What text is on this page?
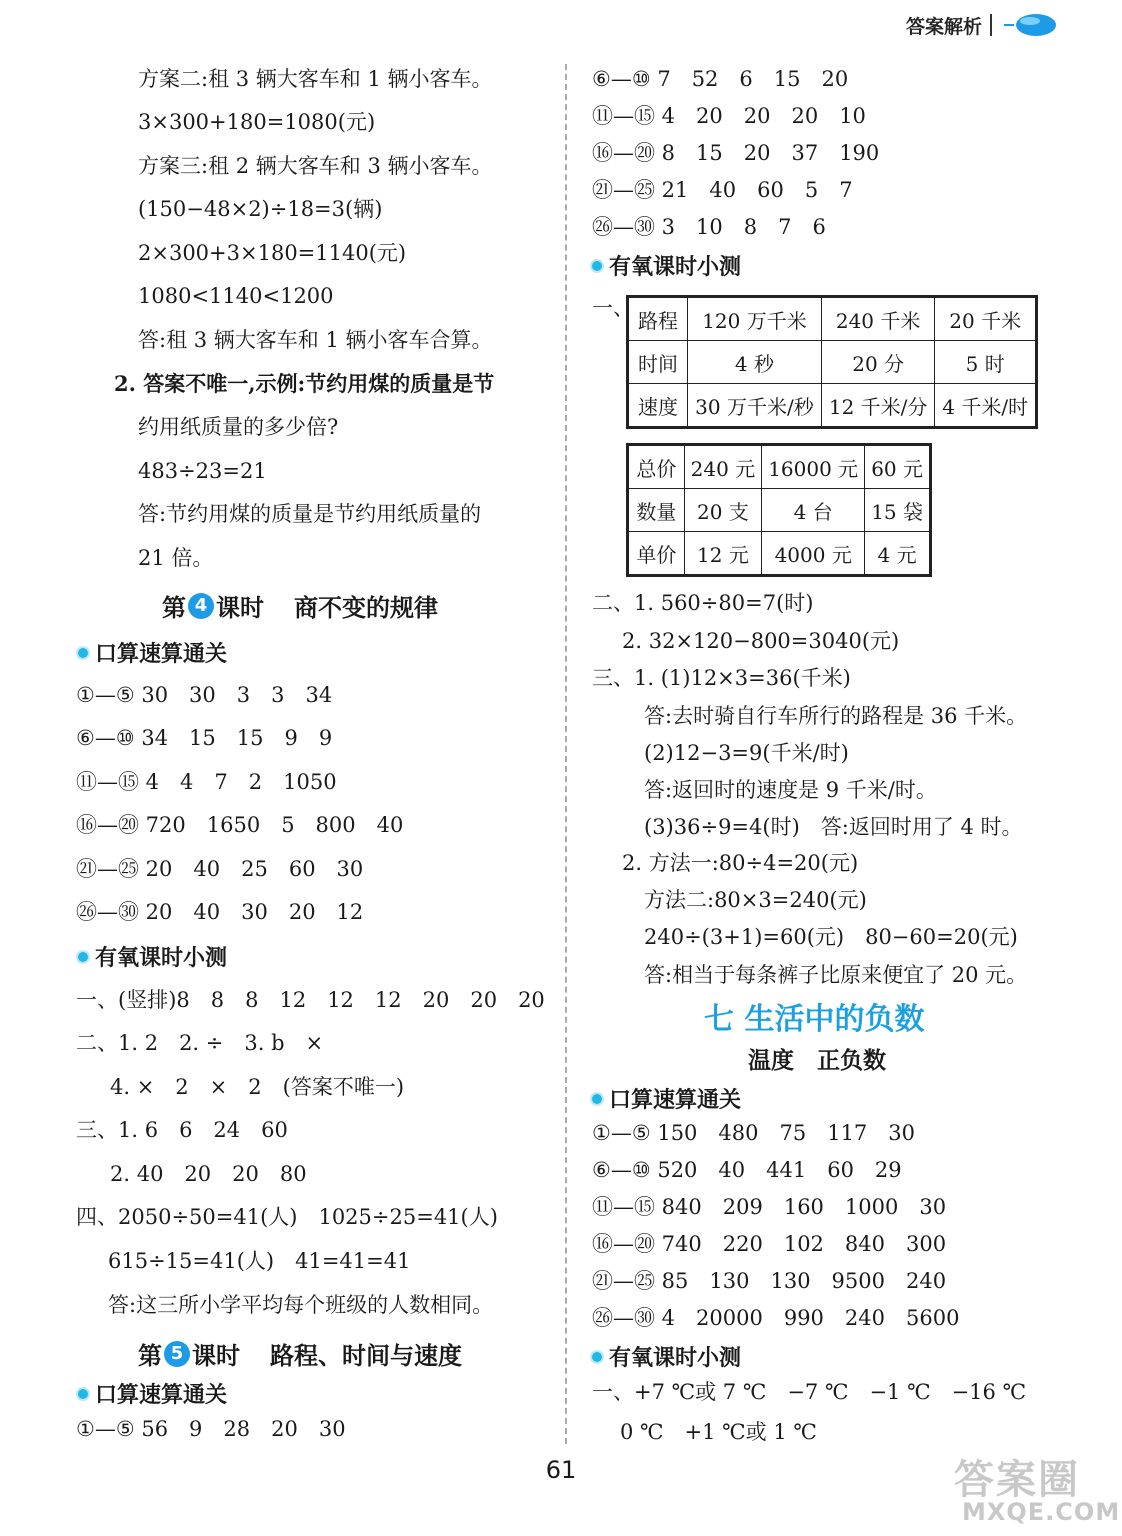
答案解析
方案二:租 3 辆大客车和 1 辆小客车。
3×300+180=1080(元)
方案三:租 2 辆大客车和 3 辆小客车。
(150−48×2)÷18=3(辆)
2×300+3×180=1140(元)
1080<1140<1200
答:租 3 辆大客车和 1 辆小客车合算。
2. 答案不唯一,示例:节约用煤的质量是节
约用纸质量的多少倍?
483÷23=21
答:节约用煤的质量是节约用纸质量的
21 倍。
第 4 课时 商不变的规律
口算速算通关
①—⑤ 30　30　3　3　34
⑥—⑩ 34　15　15　9　9
⑪—⑮ 4　4　7　2　1050
⑯—⑳ 720　1650　5　800　40
㉑—㉕ 20　40　25　60　30
㉖—㉚ 20　40　30　20　12
有氧课时小测
一、(竖排)8　8　8　12　12　12　20　20　20
二、1. 2　2. ÷　3. b　×
4. ×　2　×　2　(答案不唯一)
三、1. 6　6　24　60
2. 40　20　20　80
四、2050÷50=41(人)　1025÷25=41(人)
615÷15=41(人)　41=41=41
答:这三所小学平均每个班级的人数相同。
第 5 课时 路程、时间与速度
口算速算通关
①—⑤ 56　9　28　20　30
⑥—⑩ 7　52　6　15　20
⑪—⑮ 4　20　20　20　10
⑯—⑳ 8　15　20　37　190
㉑—㉕ 21　40　60　5　7
㉖—㉚ 3　10　8　7　6
有氧课时小测
一、
路程	120 万千米	240 千米	20 千米
时间	4 秒	20 分	5 时
速度	30 万千米/秒	12 千米/分	4 千米/时
总价	240 元	16000 元	60 元
数量	20 支	4 台	15 袋
单价	12 元	4000 元	4 元
二、1. 560÷80=7(时)
2. 32×120−800=3040(元)
三、1. (1)12×3=36(千米)
答:去时骑自行车所行的路程是 36 千米。
(2)12−3=9(千米/时)
答:返回时的速度是 9 千米/时。
(3)36÷9=4(时)　答:返回时用了 4 时。
2. 方法一:80÷4=20(元)
方法二:80×3=240(元)
240÷(3+1)=60(元)　80−60=20(元)
答:相当于每条裤子比原来便宜了 20 元。
七 生活中的负数
温度　正负数
口算速算通关
①—⑤ 150　480　75　117　30
⑥—⑩ 520　40　441　60　29
⑪—⑮ 840　209　160　1000　30
⑯—⑳ 740　220　102　840　300
㉑—㉕ 85　130　130　9500　240
㉖—㉚ 4　20000　990　240　5600
有氧课时小测
一、+7 ℃或 7 ℃　−7 ℃　−1 ℃　−16 ℃
0 ℃　+1 ℃或 1 ℃
61	答案圈
MXQE.COM
